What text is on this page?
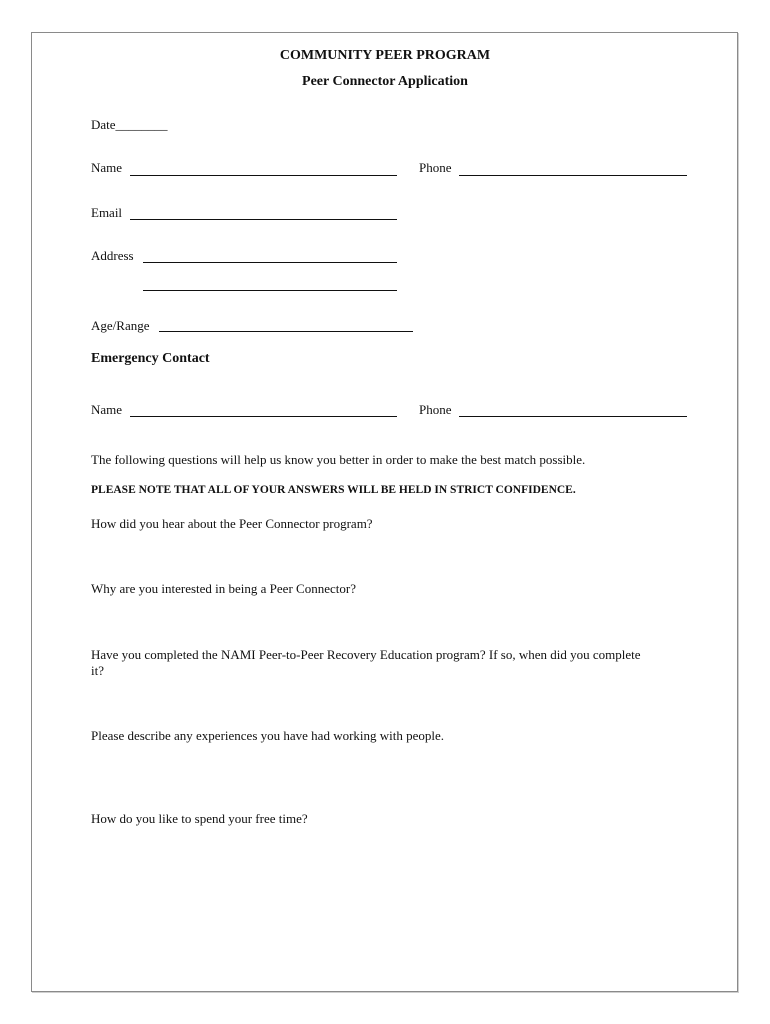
COMMUNITY PEER PROGRAM
Peer Connector Application
Date________
Name	Phone
Email
Address
Age/Range
Emergency Contact
Name	Phone
The following questions will help us know you better in order to make the best match possible.
PLEASE NOTE THAT ALL OF YOUR ANSWERS WILL BE HELD IN STRICT CONFIDENCE.
How did you hear about the Peer Connector program?
Why are you interested in being a Peer Connector?
Have you completed the NAMI Peer-to-Peer Recovery Education program? If so, when did you complete
it?
Please describe any experiences you have had working with people.
How do you like to spend your free time?
